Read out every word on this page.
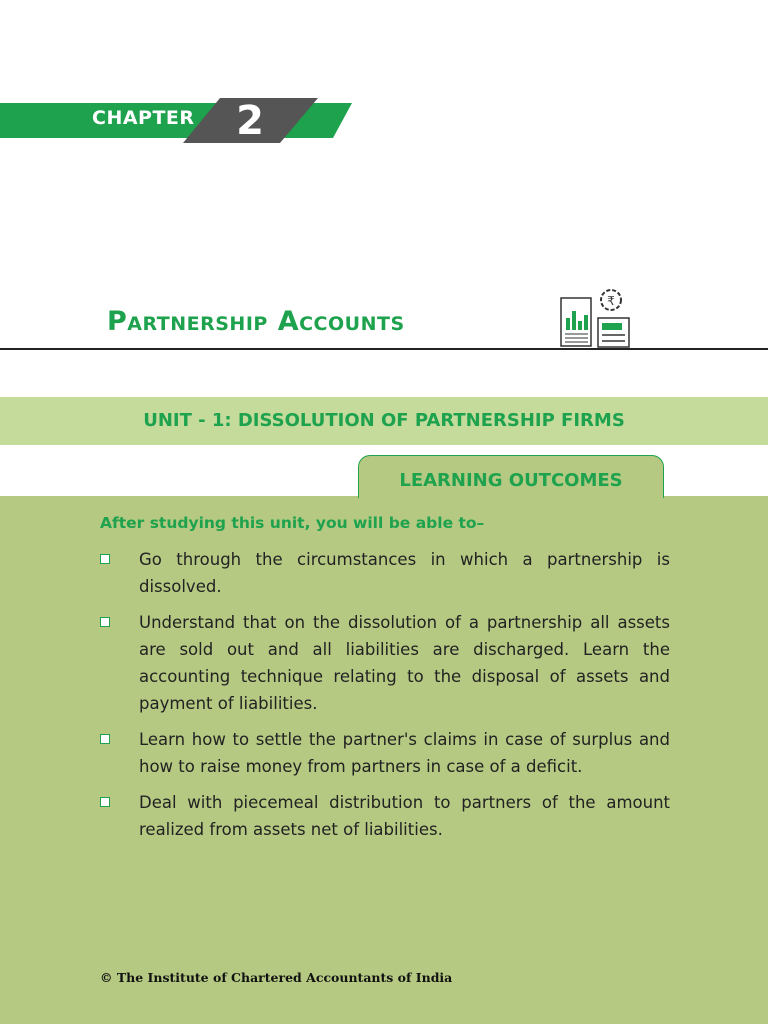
CHAPTER 2
Partnership Accounts
₹
UNIT - 1: DISSOLUTION OF PARTNERSHIP FIRMS
LEARNING OUTCOMES
After studying this unit, you will be able to–
Go through the circumstances in which a partnership is dissolved.
Understand that on the dissolution of a partnership all assets are sold out and all liabilities are discharged. Learn the accounting technique relating to the disposal of assets and payment of liabilities.
Learn how to settle the partner's claims in case of surplus and how to raise money from partners in case of a deficit.
Deal with piecemeal distribution to partners of the amount realized from assets net of liabilities.
© The Institute of Chartered Accountants of India
